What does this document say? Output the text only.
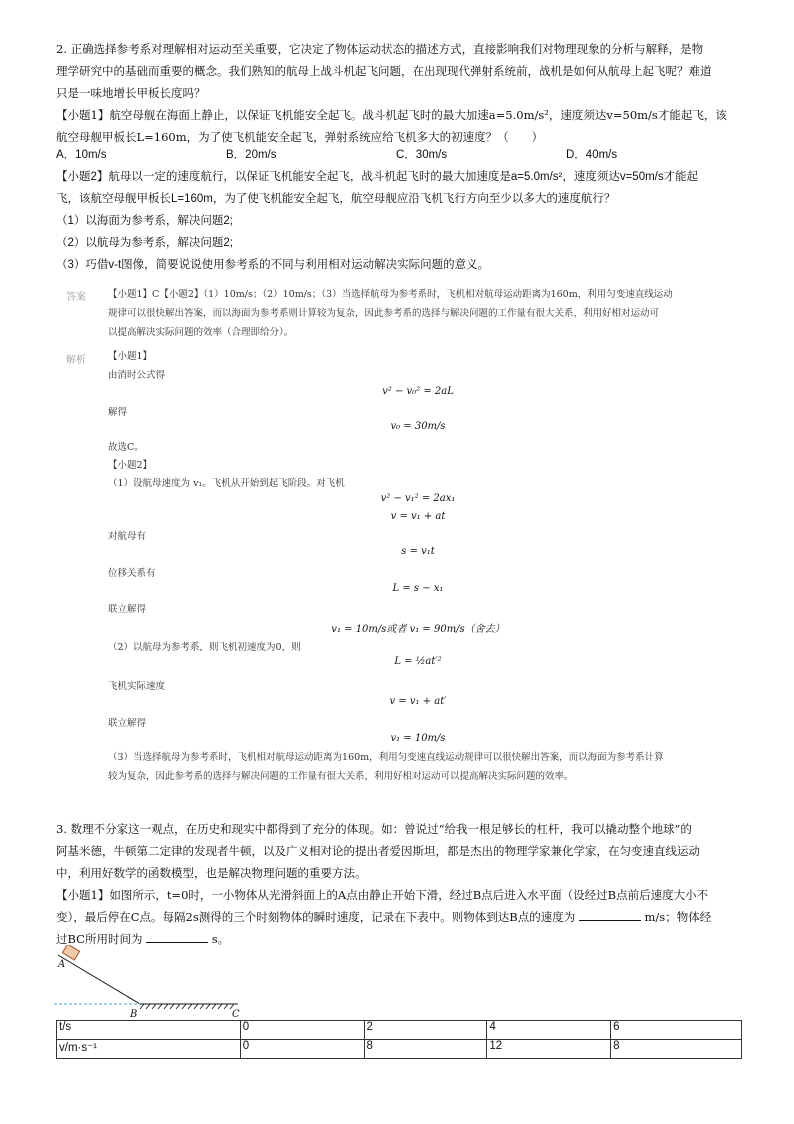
2. 正确选择参考系对理解相对运动至关重要，它决定了物体运动状态的描述方式，直接影响我们对物理现象的分析与解释，是物
理学研究中的基础而重要的概念。我们熟知的航母上战斗机起飞问题，在出现现代弹射系统前，战机是如何从航母上起飞呢？难道
只是一味地增长甲板长度吗？
【小题1】航空母舰在海面上静止，以保证飞机能安全起飞。战斗机起飞时的最大加速a=5.0m/s²，速度须达v=50m/s才能起飞，该
航空母舰甲板长L=160m，为了使飞机能安全起飞，弹射系统应给飞机多大的初速度？（　　）
A．10m/s	B．20m/s	C．30m/s	D．40m/s
【小题2】航母以一定的速度航行，以保证飞机能安全起飞，战斗机起飞时的最大加速度是a=5.0m/s²，速度须达v=50m/s才能起
飞，该航空母舰甲板长L=160m，为了使飞机能安全起飞，航空母舰应沿飞机飞行方向至少以多大的速度航行？
（1）以海面为参考系，解决问题2;
（2）以航母为参考系，解决问题2;
（3）巧借v-t图像，简要说说使用参考系的不同与利用相对运动解决实际问题的意义。
答案 【小题1】C【小题2】（1）10m/s；（2）10m/s；（3）当选择航母为参考系时，飞机相对航母运动距离为160m，利用匀变速直线运动
规律可以很快解出答案，而以海面为参考系则计算较为复杂，因此参考系的选择与解决问题的工作量有很大关系，利用好相对运动可
以提高解决实际问题的效率（合理即给分）。
解析 【小题1】
由消时公式得
v² − v₀² = 2aL
解得
v₀ = 30m/s
故选C。
【小题2】
（1）设航母速度为 v₁。飞机从开始到起飞阶段。对飞机
v² − v₁² = 2ax₁
v = v₁ + at
对航母有
s = v₁t
位移关系有
L = s − x₁
联立解得
v₁ = 10m/s或者 v₁ = 90m/s（舍去）
（2）以航母为参考系，则飞机初速度为0，则
L = ½at′²
飞机实际速度
v = v₁ + at′
联立解得
v₁ = 10m/s
（3）当选择航母为参考系时，飞机相对航母运动距离为160m，利用匀变速直线运动规律可以很快解出答案，而以海面为参考系计算
较为复杂，因此参考系的选择与解决问题的工作量有很大关系，利用好相对运动可以提高解决实际问题的效率。
3. 数理不分家这一观点，在历史和现实中都得到了充分的体现。如：曾说过“给我一根足够长的杠杆，我可以撬动整个地球”的
阿基米德，牛顿第二定律的发现者牛顿，以及广义相对论的提出者爱因斯坦，都是杰出的物理学家兼化学家，在匀变速直线运动
中，利用好数学的函数模型，也是解决物理问题的重要方法。
【小题1】如图所示，t=0时，一小物体从光滑斜面上的A点由静止开始下滑，经过B点后进入水平面（设经过B点前后速度大小不
变），最后停在C点。每隔2s测得的三个时刻物体的瞬时速度，记录在下表中。则物体到达B点的速度为	m/s；物体经
过BC所用时间为	s。
A
B	C
t/s	0	2	4	6
v/m·s⁻¹	0	8	12	8
